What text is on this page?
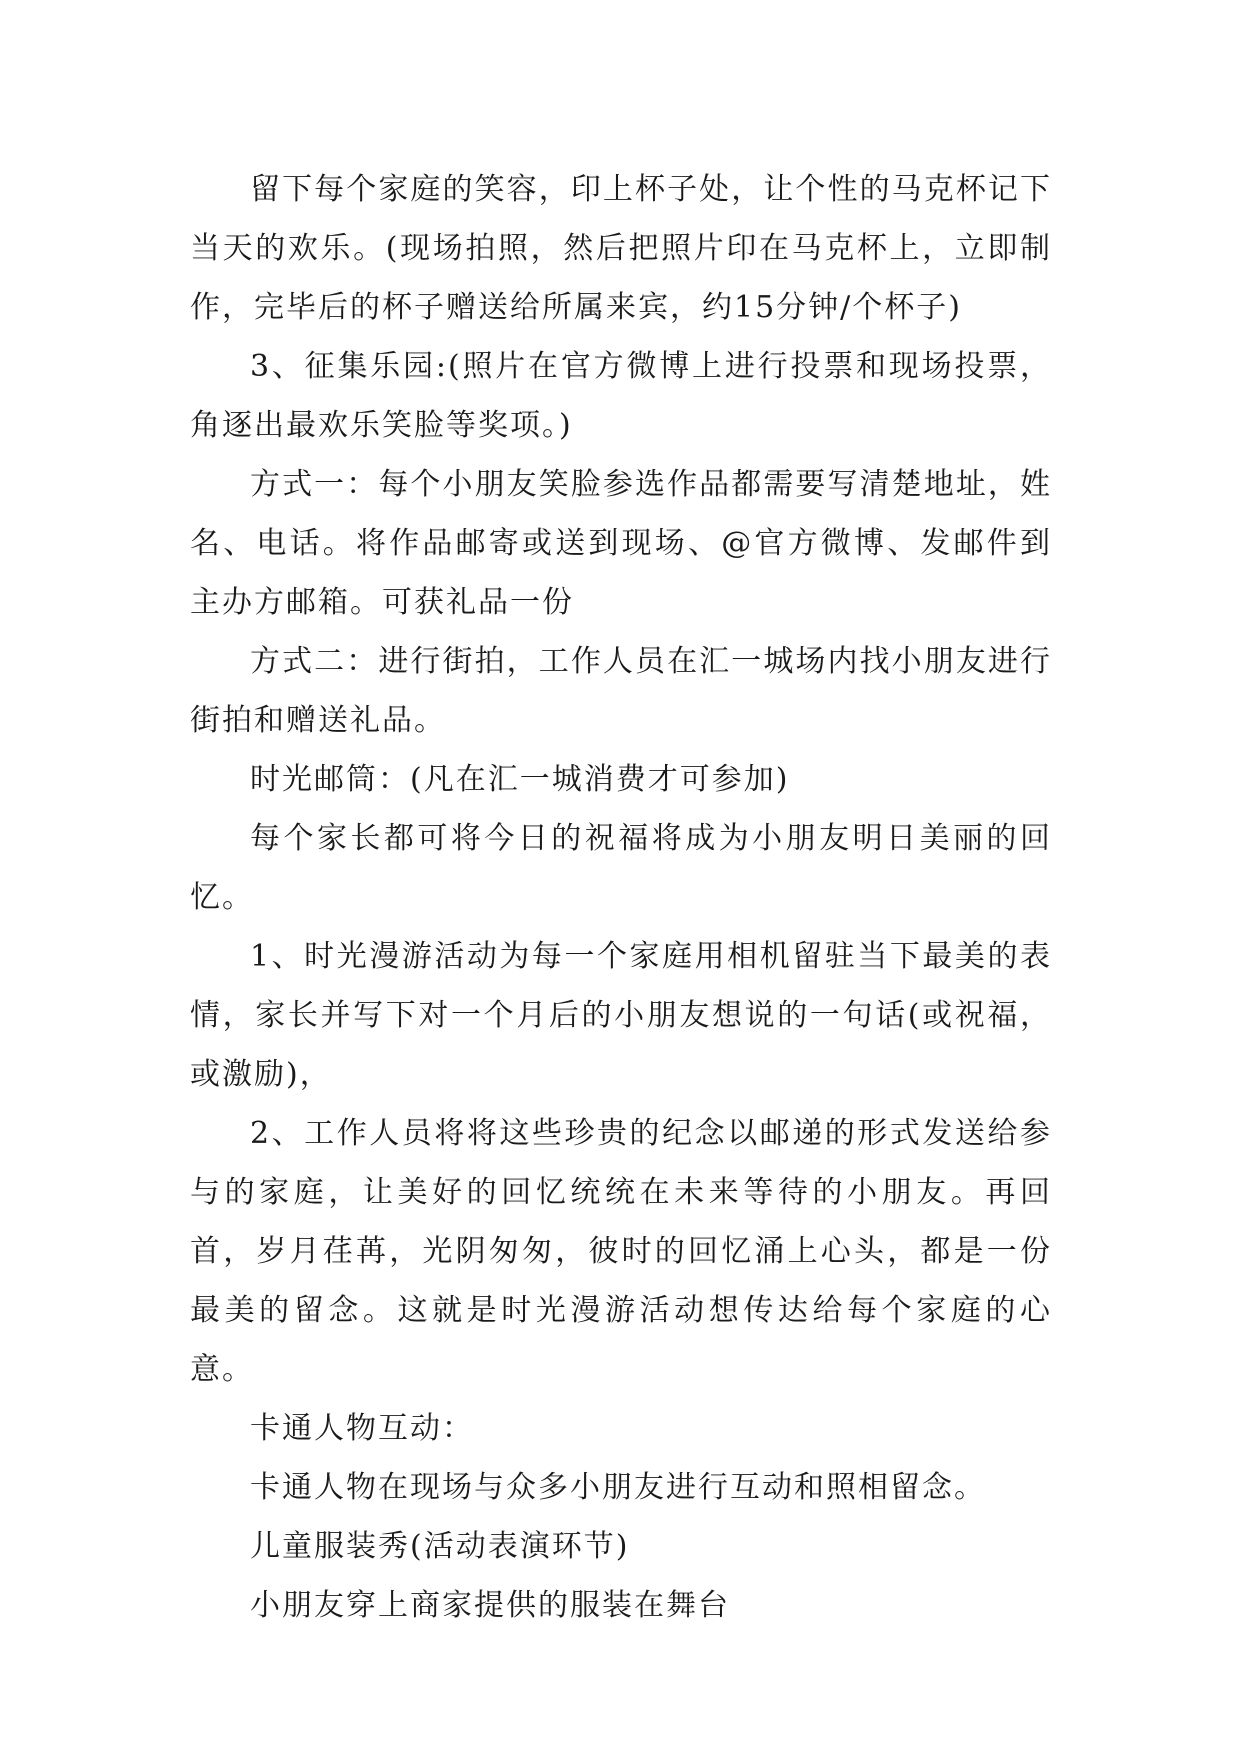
留下每个家庭的笑容，印上杯子处，让个性的马克杯记下当天的欢乐。(现场拍照，然后把照片印在马克杯上，立即制作，完毕后的杯子赠送给所属来宾，约15分钟/个杯子)

3、征集乐园:(照片在官方微博上进行投票和现场投票，角逐出最欢乐笑脸等奖项。)

方式一：每个小朋友笑脸参选作品都需要写清楚地址，姓名、电话。将作品邮寄或送到现场、@官方微博、发邮件到主办方邮箱。可获礼品一份

方式二：进行街拍，工作人员在汇一城场内找小朋友进行街拍和赠送礼品。

时光邮筒：(凡在汇一城消费才可参加)

每个家长都可将今日的祝福将成为小朋友明日美丽的回忆。

1、时光漫游活动为每一个家庭用相机留驻当下最美的表情，家长并写下对一个月后的小朋友想说的一句话(或祝福，或激励)，

2、工作人员将将这些珍贵的纪念以邮递的形式发送给参与的家庭，让美好的回忆统统在未来等待的小朋友。再回首，岁月荏苒，光阴匆匆，彼时的回忆涌上心头，都是一份最美的留念。这就是时光漫游活动想传达给每个家庭的心意。

卡通人物互动：

卡通人物在现场与众多小朋友进行互动和照相留念。

儿童服装秀(活动表演环节)

小朋友穿上商家提供的服装在舞台
